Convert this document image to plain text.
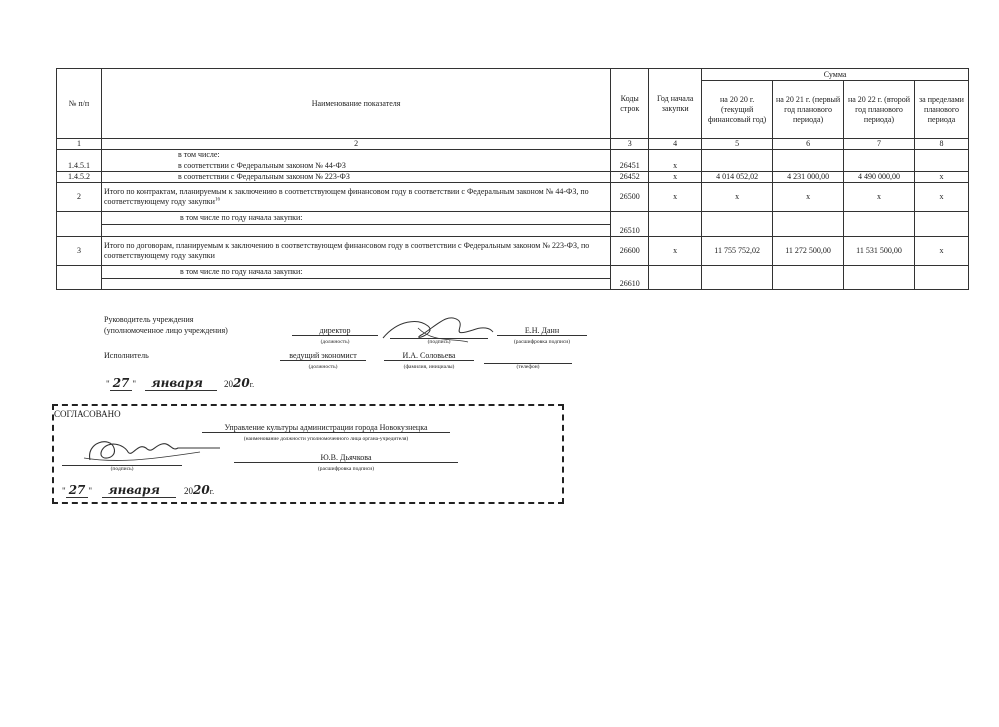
№ п/п	Наименование показателя	Коды строк	Год начала закупки	Сумма			
				на 20 20 г. (текущий финансовый год)	на 20 21 г. (первый год планового периода)	на 20 22 г. (второй год планового периода)	за пределами планового периода
1	2	3	4	5	6	7	8
	в том числе:						
1.4.5.1	в соответствии с Федеральным законом № 44-ФЗ	26451	x				
1.4.5.2	в соответствии с Федеральным законом № 223-ФЗ	26452	x	4 014 052,02	4 231 000,00	4 490 000,00	x
2	Итого по контрактам, планируемым к заключению в соответствующем финансовом году в соответствии с Федеральным законом № 44-ФЗ, по соответствующему году закупки$^{16}$	26500	x	x	x	x	x

	в том числе по году начала закупки:	26510					
3	Итого по договорам, планируемым к заключению в соответствующем финансовом году в соответствии с Федеральным законом № 223-ФЗ, по соответствующему году закупки	26600	x	11 755 752,02	11 272 500,00	11 531 500,00	x

	в том числе по году начала закупки:	26610					
Руководитель учреждения
(уполномоченное лицо учреждения)	директор	Е.Н. Данн
(должность)	(подпись)	(расшифровка подписи)
Исполнитель	ведущий экономист	И.А. Соловьева
(должность)	(фамилия, инициалы)	(телефон)
" 27 " января 2020г.
СОГЛАСОВАНО
Управление культуры администрации города Новокузнецка
(наименование должности уполномоченного лица органа-учредителя)
Ю.В. Дьячкова
(подпись)	(расшифровка подписи)
" 27 " января	2020г.
